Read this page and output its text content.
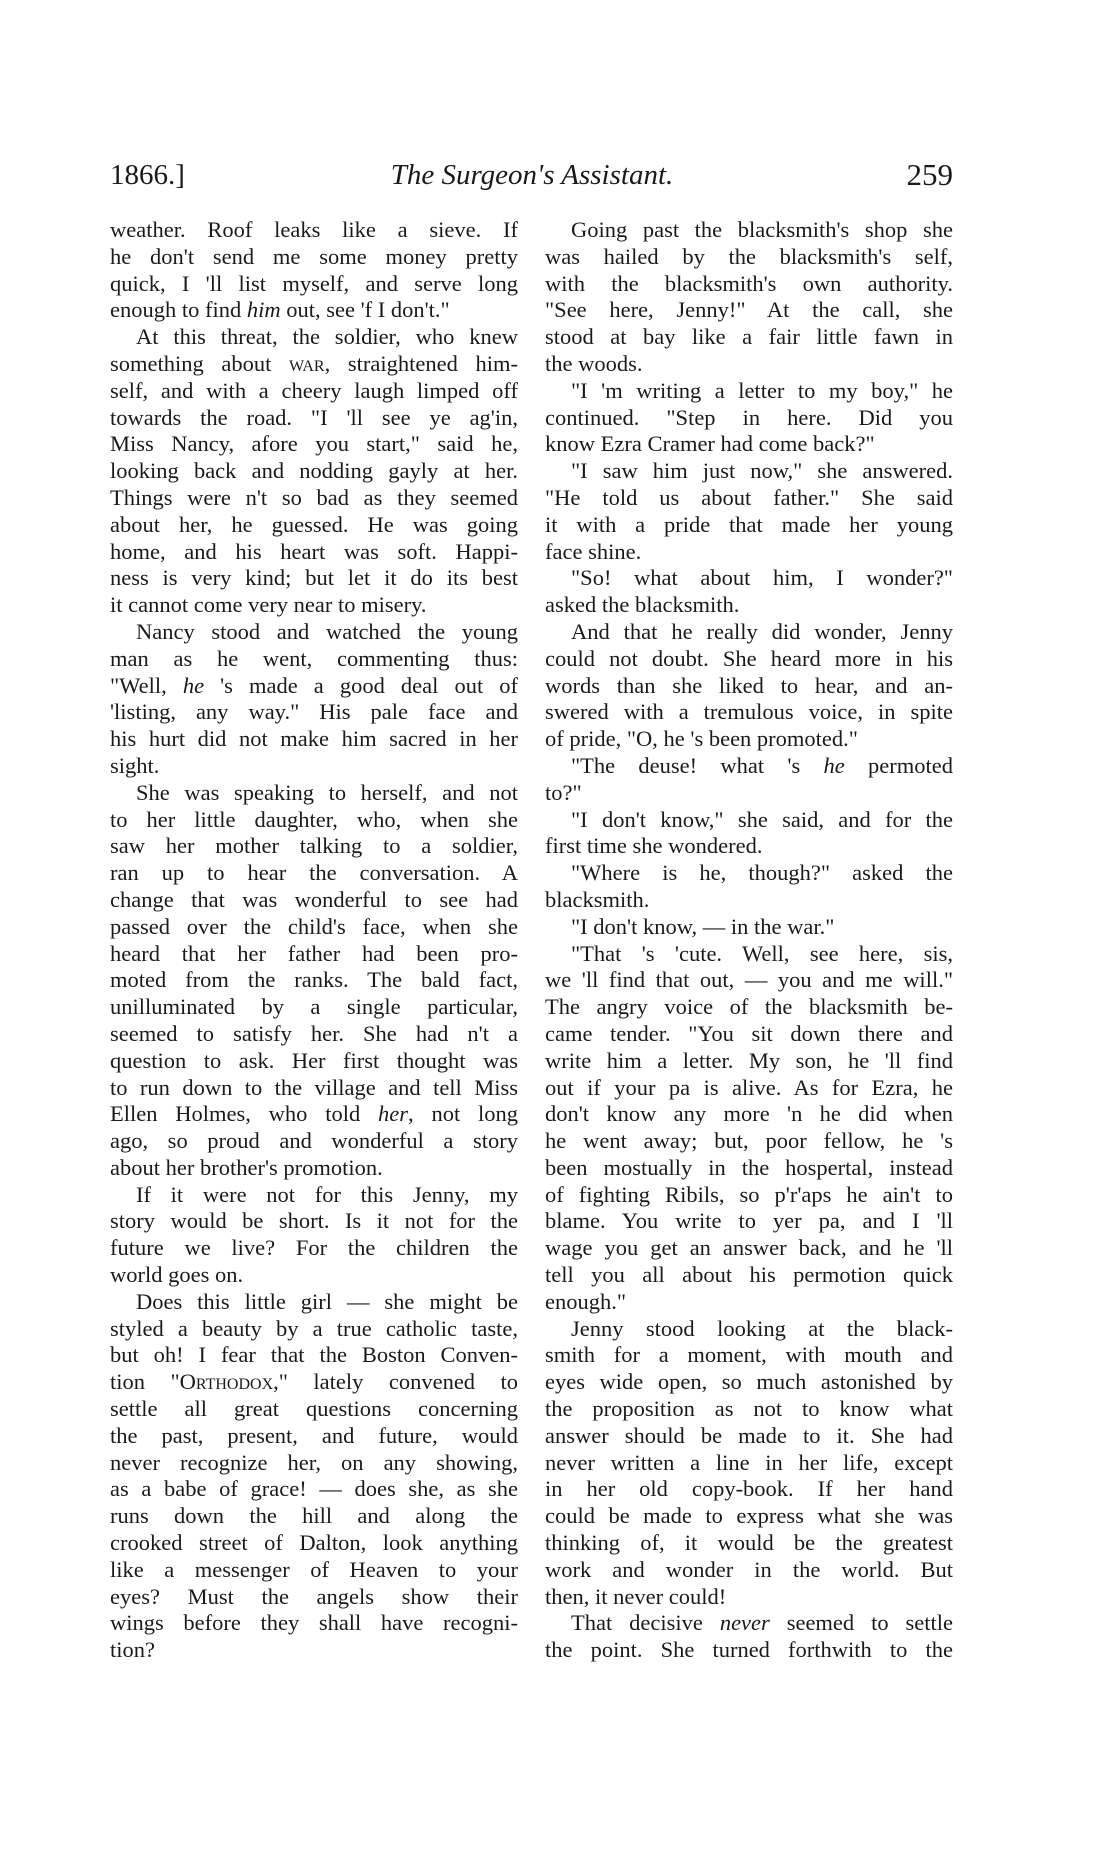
1866.]	The Surgeon's Assistant.	259
weather. Roof leaks like a sieve. If
he don't send me some money pretty
quick, I 'll list myself, and serve long
enough to find him out, see 'f I don't."
At this threat, the soldier, who knew
something about war, straightened him-
self, and with a cheery laugh limped off
towards the road. "I 'll see ye ag'in,
Miss Nancy, afore you start," said he,
looking back and nodding gayly at her.
Things were n't so bad as they seemed
about her, he guessed. He was going
home, and his heart was soft. Happi-
ness is very kind; but let it do its best
it cannot come very near to misery.
Nancy stood and watched the young
man as he went, commenting thus:
"Well, he 's made a good deal out of
'listing, any way." His pale face and
his hurt did not make him sacred in her
sight.
She was speaking to herself, and not
to her little daughter, who, when she
saw her mother talking to a soldier,
ran up to hear the conversation. A
change that was wonderful to see had
passed over the child's face, when she
heard that her father had been pro-
moted from the ranks. The bald fact,
unilluminated by a single particular,
seemed to satisfy her. She had n't a
question to ask. Her first thought was
to run down to the village and tell Miss
Ellen Holmes, who told her, not long
ago, so proud and wonderful a story
about her brother's promotion.
If it were not for this Jenny, my
story would be short. Is it not for the
future we live? For the children the
world goes on.
Does this little girl — she might be
styled a beauty by a true catholic taste,
but oh! I fear that the Boston Conven-
tion "Orthodox," lately convened to
settle all great questions concerning
the past, present, and future, would
never recognize her, on any showing,
as a babe of grace! — does she, as she
runs down the hill and along the
crooked street of Dalton, look anything
like a messenger of Heaven to your
eyes? Must the angels show their
wings before they shall have recogni-
tion?
Going past the blacksmith's shop she
was hailed by the blacksmith's self,
with the blacksmith's own authority.
"See here, Jenny!" At the call, she
stood at bay like a fair little fawn in
the woods.
"I 'm writing a letter to my boy," he
continued. "Step in here. Did you
know Ezra Cramer had come back?"
"I saw him just now," she answered.
"He told us about father." She said
it with a pride that made her young
face shine.
"So! what about him, I wonder?"
asked the blacksmith.
And that he really did wonder, Jenny
could not doubt. She heard more in his
words than she liked to hear, and an-
swered with a tremulous voice, in spite
of pride, "O, he 's been promoted."
"The deuse! what 's he permoted
to?"
"I don't know," she said, and for the
first time she wondered.
"Where is he, though?" asked the
blacksmith.
"I don't know, — in the war."
"That 's 'cute. Well, see here, sis,
we 'll find that out, — you and me will."
The angry voice of the blacksmith be-
came tender. "You sit down there and
write him a letter. My son, he 'll find
out if your pa is alive. As for Ezra, he
don't know any more 'n he did when
he went away; but, poor fellow, he 's
been mostually in the hospertal, instead
of fighting Ribils, so p'r'aps he ain't to
blame. You write to yer pa, and I 'll
wage you get an answer back, and he 'll
tell you all about his permotion quick
enough."
Jenny stood looking at the black-
smith for a moment, with mouth and
eyes wide open, so much astonished by
the proposition as not to know what
answer should be made to it. She had
never written a line in her life, except
in her old copy-book. If her hand
could be made to express what she was
thinking of, it would be the greatest
work and wonder in the world. But
then, it never could!
That decisive never seemed to settle
the point. She turned forthwith to the
